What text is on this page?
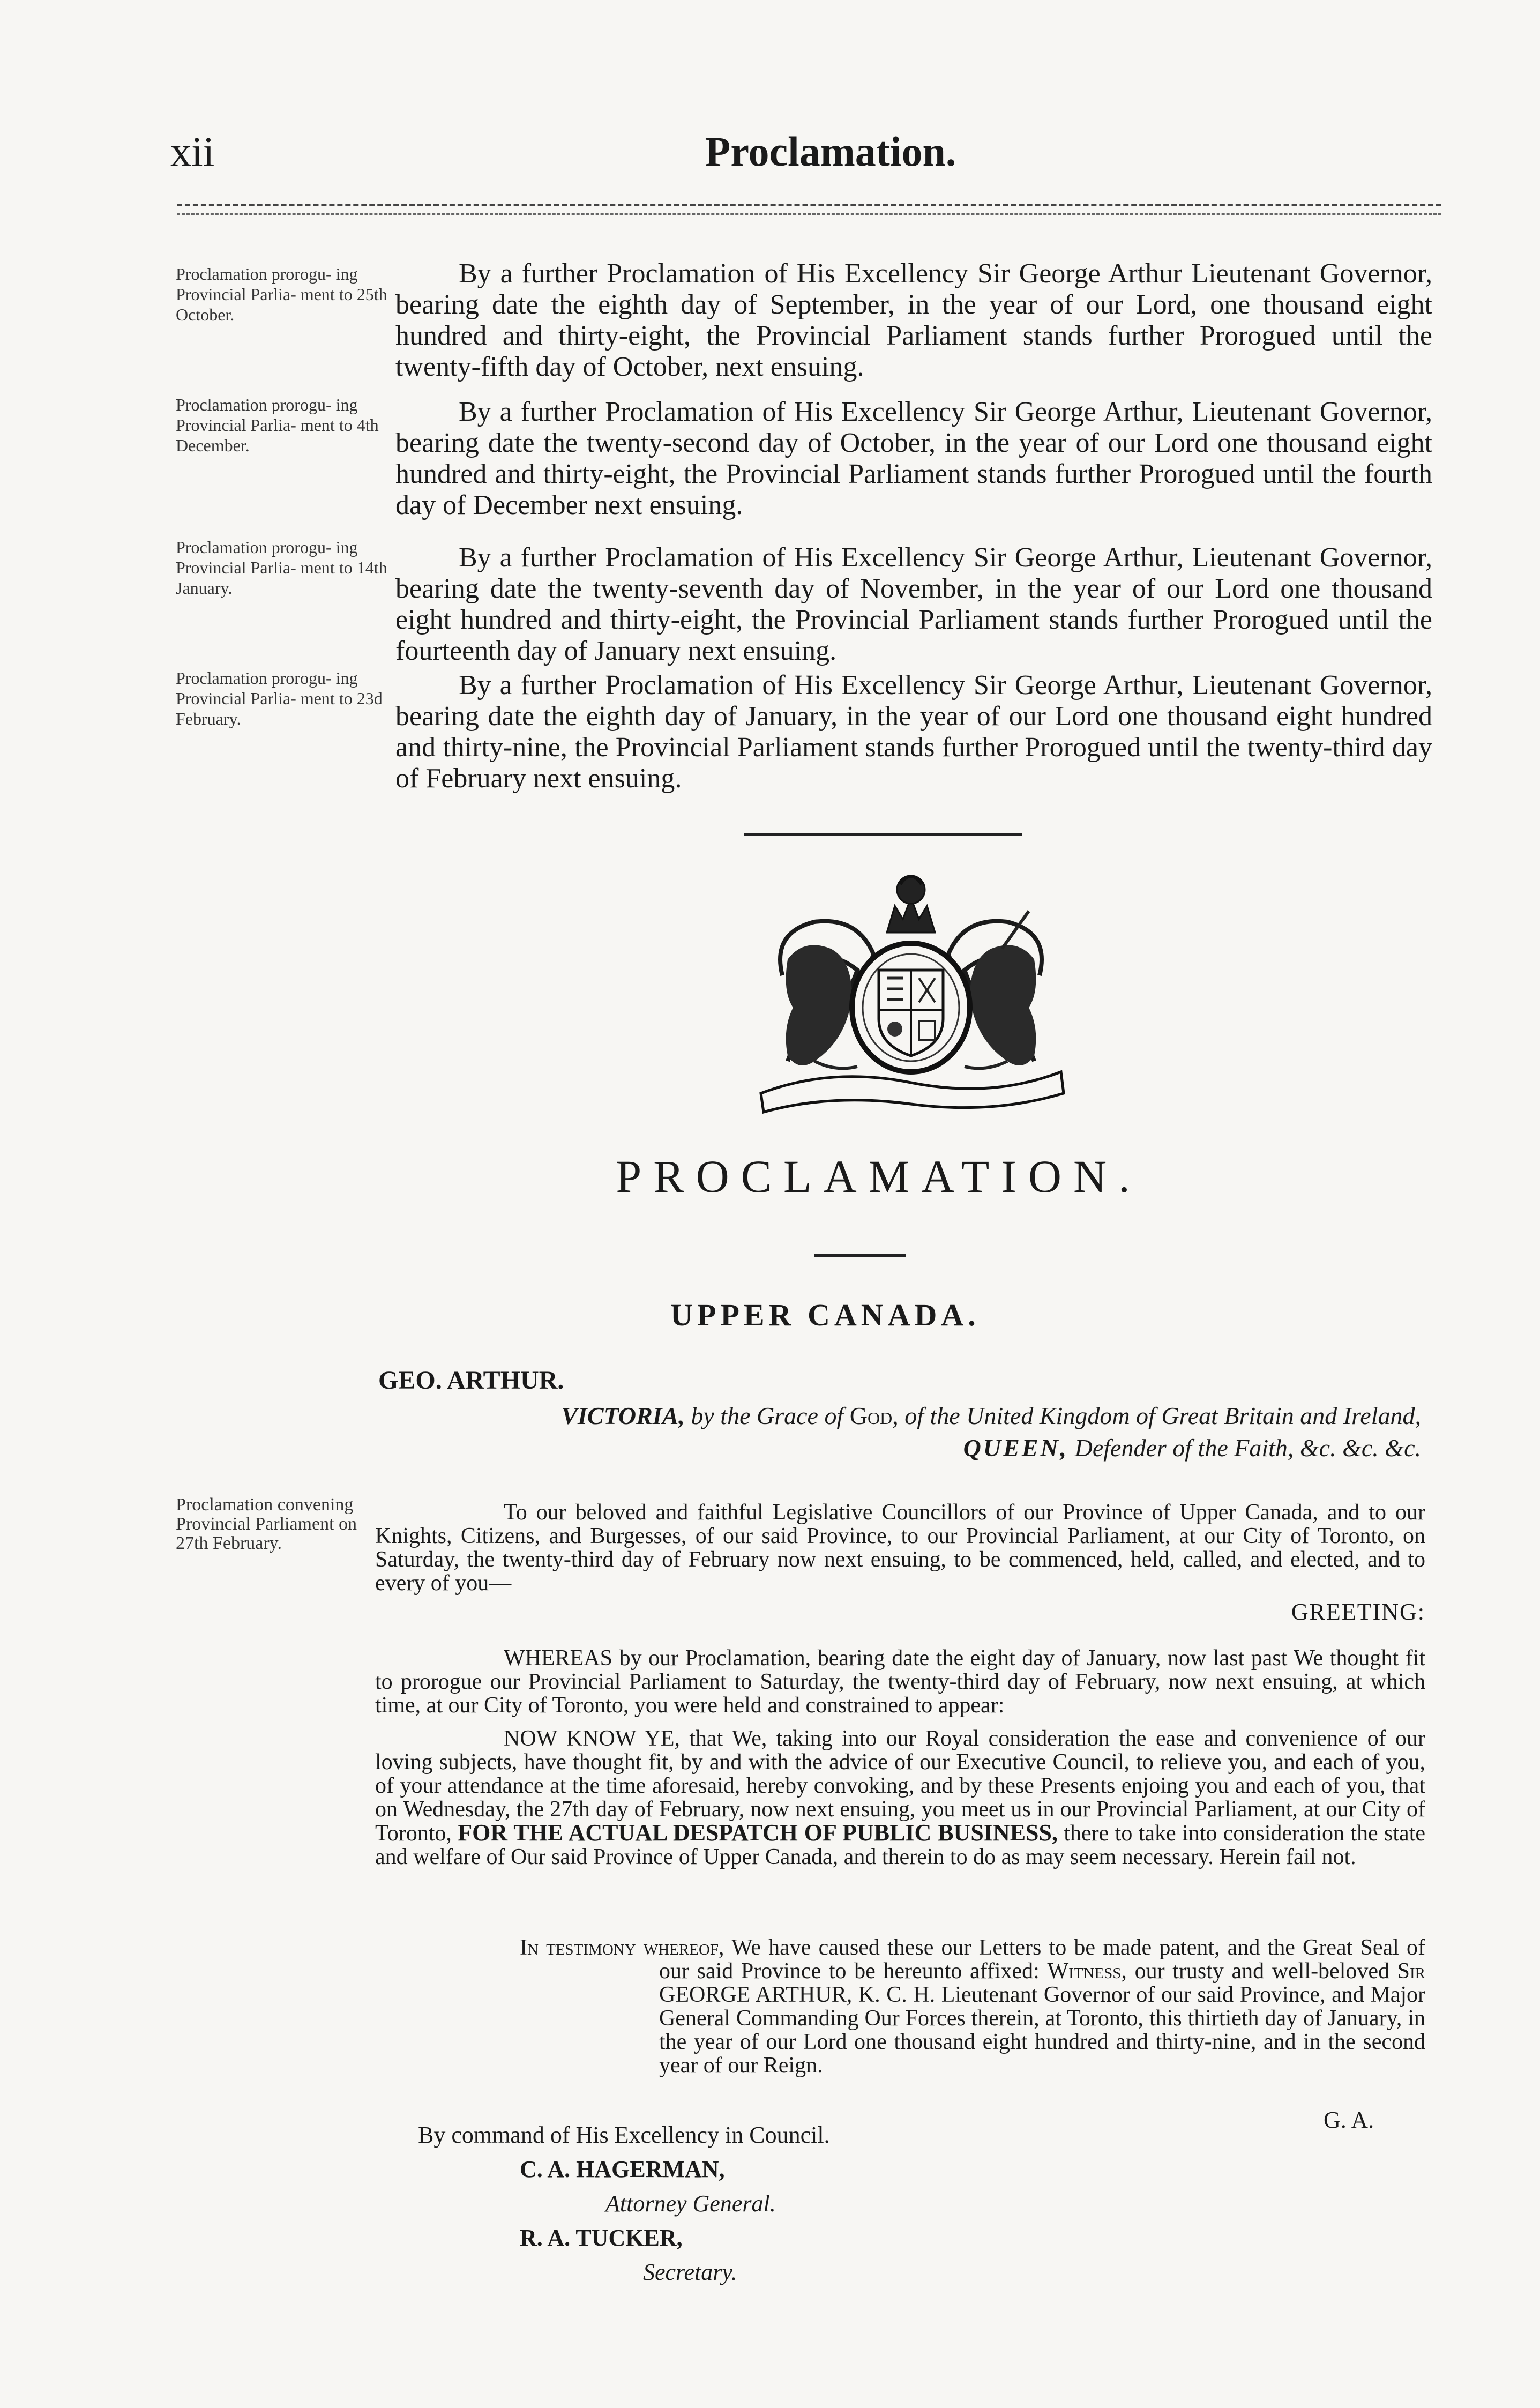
xii	Proclamation.
Proclamation prorogu- ing Provincial Parlia- ment to 25th October.
By a further Proclamation of His Excellency Sir George Arthur Lieutenant Governor, bearing date the eighth day of September, in the year of our Lord, one thousand eight hundred and thirty-eight, the Provincial Parliament stands further Prorogued until the twenty-fifth day of October, next ensuing.
Proclamation prorogu- ing Provincial Parlia- ment to 4th December.
By a further Proclamation of His Excellency Sir George Arthur, Lieutenant Governor, bearing date the twenty-second day of October, in the year of our Lord one thousand eight hundred and thirty-eight, the Provincial Parliament stands further Prorogued until the fourth day of December next ensuing.
Proclamation prorogu- ing Provincial Parlia- ment to 14th January.
By a further Proclamation of His Excellency Sir George Arthur, Lieutenant Governor, bearing date the twenty-seventh day of November, in the year of our Lord one thousand eight hundred and thirty-eight, the Provincial Parliament stands further Prorogued until the fourteenth day of January next ensuing.
Proclamation prorogu- ing Provincial Parlia- ment to 23d February.
By a further Proclamation of His Excellency Sir George Arthur, Lieutenant Governor, bearing date the eighth day of January, in the year of our Lord one thousand eight hundred and thirty-nine, the Provincial Parliament stands further Prorogued until the twenty-third day of February next ensuing.
PROCLAMATION.
UPPER CANADA.
GEO. ARTHUR.
VICTORIA, by the Grace of God, of the United Kingdom of Great Britain and Ireland, QUEEN, Defender of the Faith, &c. &c. &c.
Proclamation convening Provincial Parliament on 27th February.
To our beloved and faithful Legislative Councillors of our Province of Upper Canada, and to our Knights, Citizens, and Burgesses, of our said Province, to our Provincial Parliament, at our City of Toronto, on Saturday, the twenty-third day of February now next ensuing, to be commenced, held, called, and elected, and to every of you—
GREETING:
WHEREAS by our Proclamation, bearing date the eight day of January, now last past We thought fit to prorogue our Provincial Parliament to Saturday, the twenty-third day of February, now next ensuing, at which time, at our City of Toronto, you were held and constrained to appear:
NOW KNOW YE, that We, taking into our Royal consideration the ease and convenience of our loving subjects, have thought fit, by and with the advice of our Executive Council, to relieve you, and each of you, of your attendance at the time aforesaid, hereby convoking, and by these Presents enjoing you and each of you, that on Wednesday, the 27th day of February, now next ensuing, you meet us in our Provincial Parliament, at our City of Toronto, FOR THE ACTUAL DESPATCH OF PUBLIC BUSINESS, there to take into consideration the state and welfare of Our said Province of Upper Canada, and therein to do as may seem necessary. Herein fail not.
In testimony whereof, We have caused these our Letters to be made patent, and the Great Seal of our said Province to be hereunto affixed: Witness, our trusty and well-beloved Sir GEORGE ARTHUR, K. C. H. Lieutenant Governor of our said Province, and Major General Commanding Our Forces therein, at Toronto, this thirtieth day of January, in the year of our Lord one thousand eight hundred and thirty-nine, and in the second year of our Reign.
G. A.
By command of His Excellency in Council.
C. A. HAGERMAN,
Attorney General.
R. A. TUCKER,
Secretary.
